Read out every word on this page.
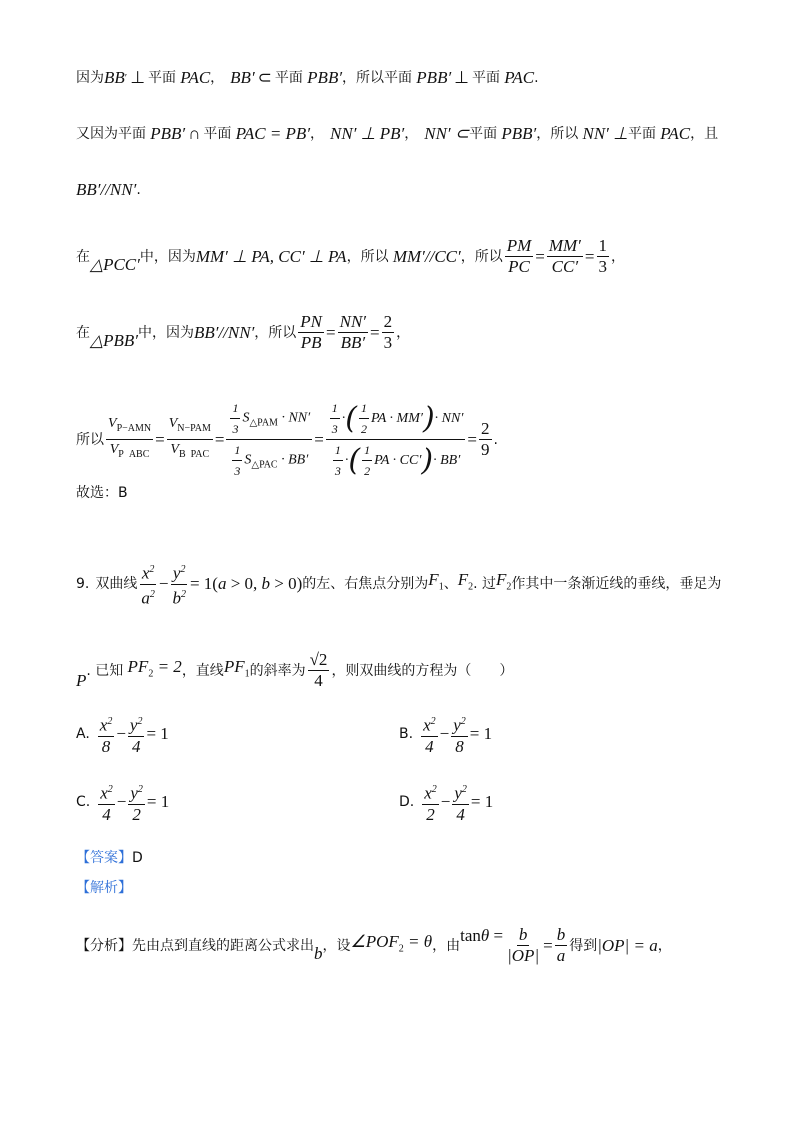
因为 BB ′ ⊥ 平面 PAC ， BB′ ⊂ 平面 PBB′ ，所以平面 PBB′ ⊥ 平面 PAC .
又因为平面 PBB′ ∩ 平面 PAC = PB′ ， NN′ ⊥ PB′ ， NN′ ⊂ 平面 PBB′ ，所以 NN′ ⊥ 平面 PAC ，且
BB′//NN′ .
在 △PCC′ 中，因为 MM′ ⊥ PA, CC′ ⊥ PA ，所以 MM′//CC′ ，所以 $\frac{PM}{PC} = \frac{MM'}{CC'} = \frac{1}{3}$ ，
在 △PBB′ 中，因为 BB′//NN′ ，所以 $\frac{PN}{PB} = \frac{NN'}{BB'} = \frac{2}{3}$ ，
所以 $\frac{V_{P-AMN}}{V_{P ABC}} = \frac{V_{N-PAM}}{V_{B PAC}} = \frac{\frac{1}{3} S_{\triangle PAM} \cdot NN'}{\frac{1}{3} S_{\triangle PAC} \cdot BB'} = \frac{\frac{1}{3} \cdot ( \frac{1}{2} PA \cdot MM' ) \cdot NN'}{\frac{1}{3} \cdot ( \frac{1}{2} PA \cdot CC' ) \cdot BB'} = \frac{2}{9}$ .
故选：B
9. 双曲线 $\frac{x^2}{a^2} - \frac{y^2}{b^2} = 1(a > 0$, b > 0) 的左、右焦点分别为 $F_1$ 、 $F_2$ . 过 $F_2$ 作其中一条渐近线的垂线，垂足为
P . 已知 $PF_2 = 2$ ，直线 $PF_1$ 的斜率为 $\frac{√2}{4}$ ，则双曲线的方程为（　　）
A. $\frac{x^2}{8} - \frac{y^2}{4} = 1$	B. $\frac{x^2}{4} - \frac{y^2}{8} = 1$
C. $\frac{x^2}{4} - \frac{y^2}{2} = 1$	D. $\frac{x^2}{2} - \frac{y^2}{4} = 1$
【答案】 D
【解析】
【分析】 先由点到直线的距离公式求出 b ，设 $\angle POF_2 = \theta$ ，由
$\tan\theta = \frac{b}{|OP|} = \frac{b}{a}$ 得到 |OP| = a ，
